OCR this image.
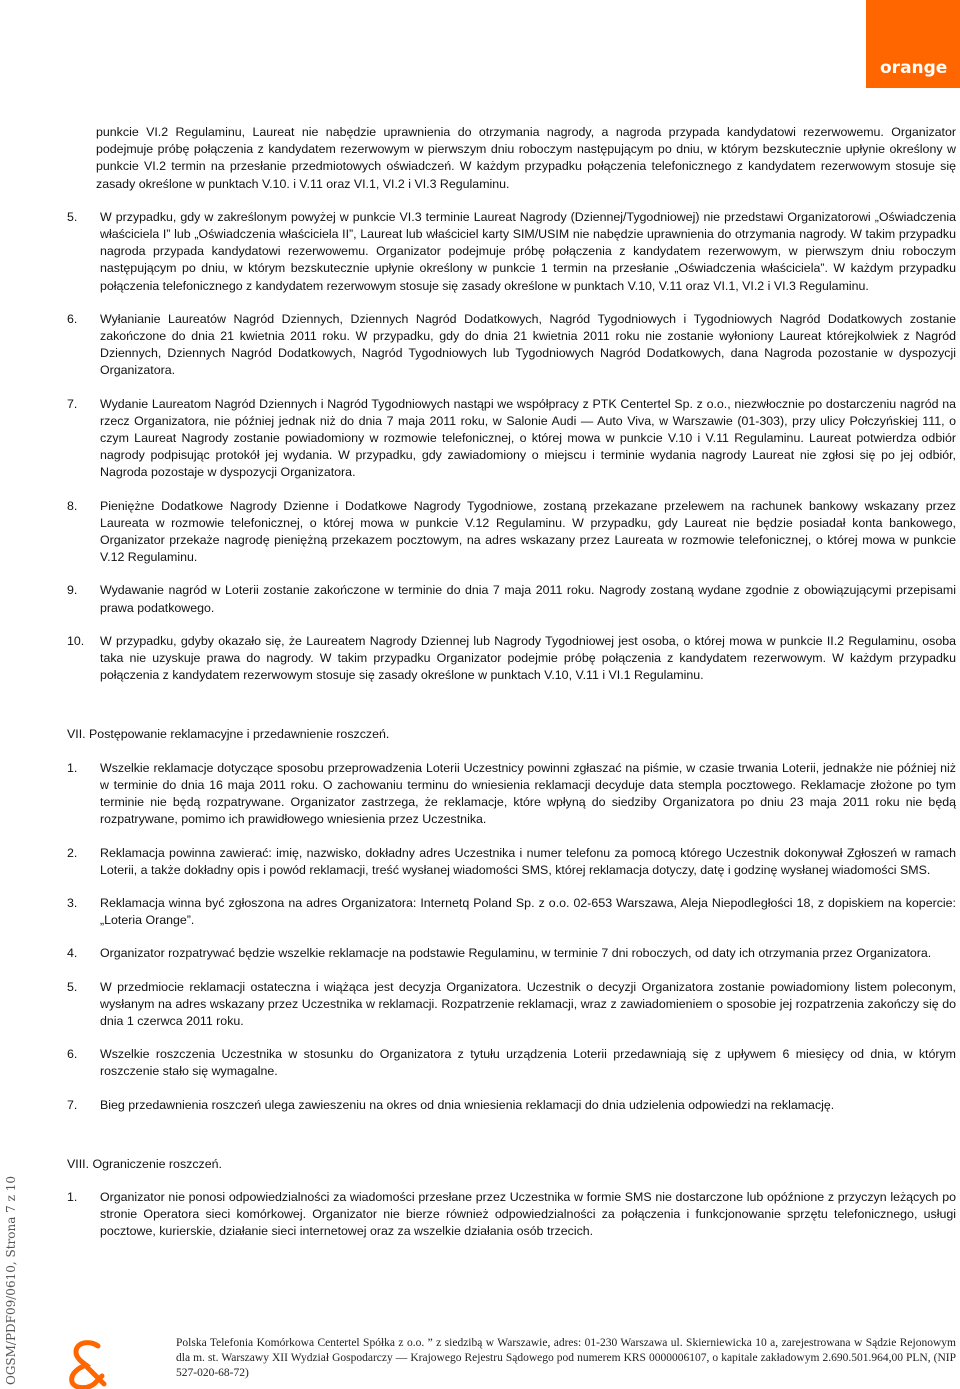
orange
OGSM/PDF09/0610, Strona 7 z 10

punkcie VI.2 Regulaminu, Laureat nie nabędzie uprawnienia do otrzymania nagrody, a nagroda przypada kandydatowi rezerwowemu. Organizator podejmuje próbę połączenia z kandydatem rezerwowym w pierwszym dniu roboczym następującym po dniu, w którym bezskutecznie upłynie określony w punkcie VI.2 termin na przesłanie przedmiotowych oświadczeń. W każdym przypadku połączenia telefonicznego z kandydatem rezerwowym stosuje się zasady określone w punktach V.10. i V.11 oraz VI.1, VI.2 i VI.3 Regulaminu.

5. W przypadku, gdy w zakreślonym powyżej w punkcie VI.3 terminie Laureat Nagrody (Dziennej/Tygodniowej) nie przedstawi Organizatorowi „Oświadczenia właściciela I” lub „Oświadczenia właściciela II”, Laureat lub właściciel karty SIM/USIM nie nabędzie uprawnienia do otrzymania nagrody. W takim przypadku nagroda przypada kandydatowi rezerwowemu. Organizator podejmuje próbę połączenia z kandydatem rezerwowym, w pierwszym dniu roboczym następującym po dniu, w którym bezskutecznie upłynie określony w punkcie 1 termin na przesłanie „Oświadczenia właściciela”. W każdym przypadku połączenia telefonicznego z kandydatem rezerwowym stosuje się zasady określone w punktach V.10, V.11 oraz VI.1, VI.2 i VI.3 Regulaminu.

6. Wyłanianie Laureatów Nagród Dziennych, Dziennych Nagród Dodatkowych, Nagród Tygodniowych i Tygodniowych Nagród Dodatkowych zostanie zakończone do dnia 21 kwietnia 2011 roku. W przypadku, gdy do dnia 21 kwietnia 2011 roku nie zostanie wyłoniony Laureat którejkolwiek z Nagród Dziennych, Dziennych Nagród Dodatkowych, Nagród Tygodniowych lub Tygodniowych Nagród Dodatkowych, dana Nagroda pozostanie w dyspozycji Organizatora.

7. Wydanie Laureatom Nagród Dziennych i Nagród Tygodniowych nastąpi we współpracy z PTK Centertel Sp. z o.o., niezwłocznie po dostarczeniu nagród na rzecz Organizatora, nie później jednak niż do dnia 7 maja 2011 roku, w Salonie Audi — Auto Viva, w Warszawie (01-303), przy ulicy Połczyńskiej 111, o czym Laureat Nagrody zostanie powiadomiony w rozmowie telefonicznej, o której mowa w punkcie V.10 i V.11 Regulaminu. Laureat potwierdza odbiór nagrody podpisując protokół jej wydania. W przypadku, gdy zawiadomiony o miejscu i terminie wydania nagrody Laureat nie zgłosi się po jej odbiór, Nagroda pozostaje w dyspozycji Organizatora.

8. Pieniężne Dodatkowe Nagrody Dzienne i Dodatkowe Nagrody Tygodniowe, zostaną przekazane przelewem na rachunek bankowy wskazany przez Laureata w rozmowie telefonicznej, o której mowa w punkcie V.12 Regulaminu. W przypadku, gdy Laureat nie będzie posiadał konta bankowego, Organizator przekaże nagrodę pieniężną przekazem pocztowym, na adres wskazany przez Laureata w rozmowie telefonicznej, o której mowa w punkcie V.12 Regulaminu.

9. Wydawanie nagród w Loterii zostanie zakończone w terminie do dnia 7 maja 2011 roku. Nagrody zostaną wydane zgodnie z obowiązującymi przepisami prawa podatkowego.

10. W przypadku, gdyby okazało się, że Laureatem Nagrody Dziennej lub Nagrody Tygodniowej jest osoba, o której mowa w punkcie II.2 Regulaminu, osoba taka nie uzyskuje prawa do nagrody. W takim przypadku Organizator podejmie próbę połączenia z kandydatem rezerwowym. W każdym przypadku połączenia z kandydatem rezerwowym stosuje się zasady określone w punktach V.10, V.11 i VI.1 Regulaminu.

VII. Postępowanie reklamacyjne i przedawnienie roszczeń.

1. Wszelkie reklamacje dotyczące sposobu przeprowadzenia Loterii Uczestnicy powinni zgłaszać na piśmie, w czasie trwania Loterii, jednakże nie później niż w terminie do dnia 16 maja 2011 roku. O zachowaniu terminu do wniesienia reklamacji decyduje data stempla pocztowego. Reklamacje złożone po tym terminie nie będą rozpatrywane. Organizator zastrzega, że reklamacje, które wpłyną do siedziby Organizatora po dniu 23 maja 2011 roku nie będą rozpatrywane, pomimo ich prawidłowego wniesienia przez Uczestnika.

2. Reklamacja powinna zawierać: imię, nazwisko, dokładny adres Uczestnika i numer telefonu za pomocą którego Uczestnik dokonywał Zgłoszeń w ramach Loterii, a także dokładny opis i powód reklamacji, treść wysłanej wiadomości SMS, której reklamacja dotyczy, datę i godzinę wysłanej wiadomości SMS.

3. Reklamacja winna być zgłoszona na adres Organizatora: Internetq Poland Sp. z o.o. 02-653 Warszawa, Aleja Niepodległości 18, z dopiskiem na kopercie: „Loteria Orange”.

4. Organizator rozpatrywać będzie wszelkie reklamacje na podstawie Regulaminu, w terminie 7 dni roboczych, od daty ich otrzymania przez Organizatora.

5. W przedmiocie reklamacji ostateczna i wiążąca jest decyzja Organizatora. Uczestnik o decyzji Organizatora zostanie powiadomiony listem poleconym, wysłanym na adres wskazany przez Uczestnika w reklamacji. Rozpatrzenie reklamacji, wraz z zawiadomieniem o sposobie jej rozpatrzenia zakończy się do dnia 1 czerwca 2011 roku.

6. Wszelkie roszczenia Uczestnika w stosunku do Organizatora z tytułu urządzenia Loterii przedawniają się z upływem 6 miesięcy od dnia, w którym roszczenie stało się wymagalne.

7. Bieg przedawnienia roszczeń ulega zawieszeniu na okres od dnia wniesienia reklamacji do dnia udzielenia odpowiedzi na reklamację.

VIII. Ograniczenie roszczeń.

1. Organizator nie ponosi odpowiedzialności za wiadomości przesłane przez Uczestnika w formie SMS nie dostarczone lub opóźnione z przyczyn leżących po stronie Operatora sieci komórkowej. Organizator nie bierze również odpowiedzialności za połączenia i funkcjonowanie sprzętu telefonicznego, usługi pocztowe, kurierskie, działanie sieci internetowej oraz za wszelkie działania osób trzecich.

Polska Telefonia Komórkowa Centertel Spółka z o.o. ” z siedzibą w Warszawie, adres: 01-230 Warszawa ul. Skierniewicka 10 a, zarejestrowana w Sądzie Rejonowym dla m. st. Warszawy XII Wydział Gospodarczy — Krajowego Rejestru Sądowego pod numerem KRS 0000006107, o kapitale zakładowym 2.690.501.964,00 PLN, (NIP 527-020-68-72)
